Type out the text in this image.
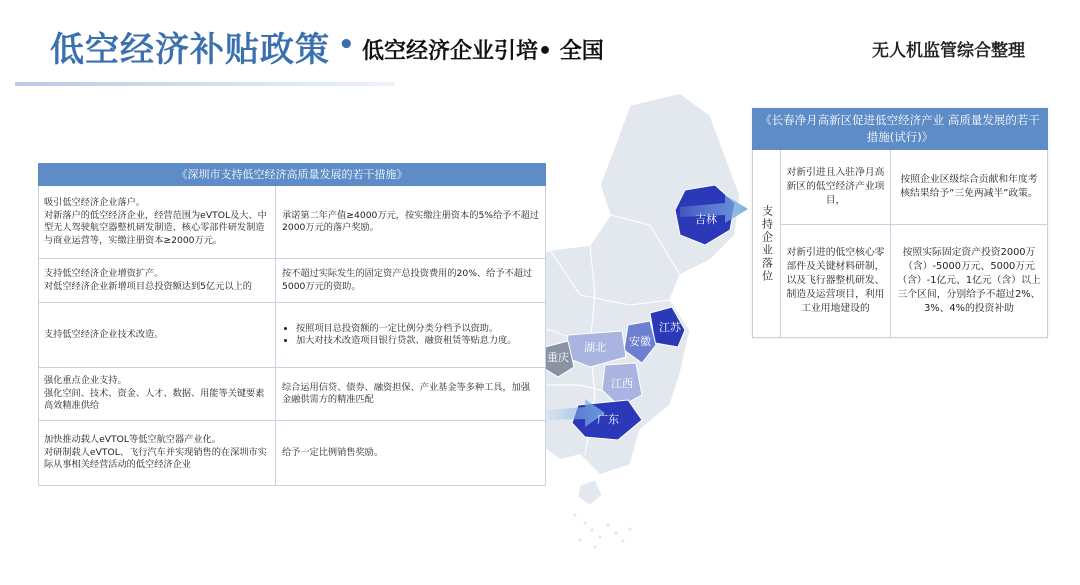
低空经济补贴政策 • 低空经济企业引培• 全国	无人机监管综合整理
吉林
江苏
安徽
湖北
重庆
江西
广东
《深圳市支持低空经济高质量发展的若干措施》
吸引低空经济企业落户。
对新落户的低空经济企业，经营范围为eVTOL及大、中型无人驾驶航空器整机研发制造、核心零部件研发制造与商业运营等，实缴注册资本≥2000万元。
承诺第二年产值≥4000万元，按实缴注册资本的5%给予不超过2000万元的落户奖励。
支持低空经济企业增资扩产。
对低空经济企业新增项目总投资额达到5亿元以上的
按不超过实际发生的固定资产总投资费用的20%、给予不超过5000万元的资助。
支持低空经济企业技术改造。
• 按照项目总投资额的一定比例分类分档予以资助。
• 加大对技术改造项目银行贷款、融资租赁等贴息力度。
强化重点企业支持。
强化空间、技术、资金、人才、数据、用能等关键要素高效精准供给
综合运用信贷、债券、融资担保、产业基金等多种工具，加强金融供需方的精准匹配
加快推动载人eVTOL等低空航空器产业化。
对研制载人eVTOL、飞行汽车并实现销售的在深圳市实际从事相关经营活动的低空经济企业
给予一定比例销售奖励。
《长春净月高新区促进低空经济产业 高质量发展的若干措施(试行)》
支持企业落位
对新引进且入驻净月高新区的低空经济产业项目，
按照企业区级综合贡献和年度考核结果给予“三免两减半”政策。
对新引进的低空核心零部件及关键材料研制，以及飞行器整机研发、制造及运营项目，利用工业用地建设的
按照实际固定资产投资2000万（含）-5000万元、5000万元（含）-1亿元、1亿元（含）以上三个区间，分别给予不超过2%、3%、4%的投资补助
